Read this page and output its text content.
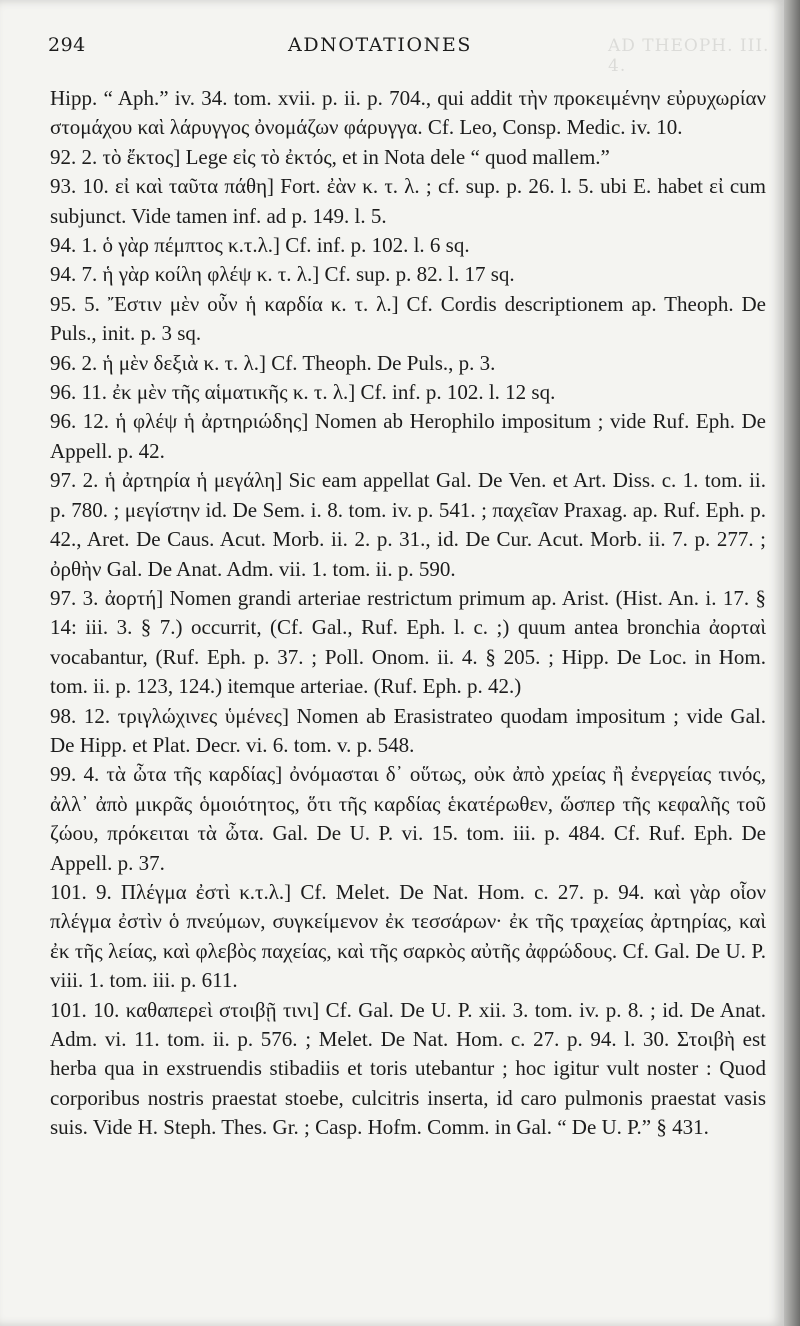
294	ADNOTATIONES	AD THEOPH. III. 4.

Hipp. “ Aph.” iv. 34. tom. xvii. p. ii. p. 704., qui addit τὴν προκειμένην εὐρυχωρίαν στομάχου καὶ λάρυγγος ὀνομάζων φάρυγγα. Cf. Leo, Consp. Medic. iv. 10.

92. 2. τὸ ἔκτος] Lege εἰς τὸ ἐκτός, et in Nota dele “ quod mallem.”

93. 10. εἰ καὶ ταῦτα πάθη] Fort. ἐὰν κ. τ. λ. ; cf. sup. p. 26. l. 5. ubi E. habet εἰ cum subjunct. Vide tamen inf. ad p. 149. l. 5.

94. 1. ὁ γὰρ πέμπτος κ.τ.λ.] Cf. inf. p. 102. l. 6 sq.

94. 7. ἡ γὰρ κοίλη φλέψ κ. τ. λ.] Cf. sup. p. 82. l. 17 sq.

95. 5. Ἔστιν μὲν οὖν ἡ καρδία κ. τ. λ.] Cf. Cordis descriptionem ap. Theoph. De Puls., init. p. 3 sq.

96. 2. ἡ μὲν δεξιὰ κ. τ. λ.] Cf. Theoph. De Puls., p. 3.

96. 11. ἐκ μὲν τῆς αἱματικῆς κ. τ. λ.] Cf. inf. p. 102. l. 12 sq.

96. 12. ἡ φλέψ ἡ ἀρτηριώδης] Nomen ab Herophilo impositum ; vide Ruf. Eph. De Appell. p. 42.

97. 2. ἡ ἀρτηρία ἡ μεγάλη] Sic eam appellat Gal. De Ven. et Art. Diss. c. 1. tom. ii. p. 780. ; μεγίστην id. De Sem. i. 8. tom. iv. p. 541. ; παχεῖαν Praxag. ap. Ruf. Eph. p. 42., Aret. De Caus. Acut. Morb. ii. 2. p. 31., id. De Cur. Acut. Morb. ii. 7. p. 277. ; ὀρθὴν Gal. De Anat. Adm. vii. 1. tom. ii. p. 590.

97. 3. ἀορτή] Nomen grandi arteriae restrictum primum ap. Arist. (Hist. An. i. 17. § 14: iii. 3. § 7.) occurrit, (Cf. Gal., Ruf. Eph. l. c. ;) quum antea bronchia ἀορταὶ vocabantur, (Ruf. Eph. p. 37. ; Poll. Onom. ii. 4. § 205. ; Hipp. De Loc. in Hom. tom. ii. p. 123, 124.) itemque arteriae. (Ruf. Eph. p. 42.)

98. 12. τριγλώχινες ὑμένες] Nomen ab Erasistrateo quodam impositum ; vide Gal. De Hipp. et Plat. Decr. vi. 6. tom. v. p. 548.

99. 4. τὰ ὦτα τῆς καρδίας] ὀνόμασται δ᾽ οὕτως, οὐκ ἀπὸ χρείας ἢ ἐνεργείας τινός, ἀλλ᾽ ἀπὸ μικρᾶς ὁμοιότητος, ὅτι τῆς καρδίας ἑκατέρωθεν, ὥσπερ τῆς κεφαλῆς τοῦ ζώου, πρόκειται τὰ ὦτα. Gal. De U. P. vi. 15. tom. iii. p. 484. Cf. Ruf. Eph. De Appell. p. 37.

101. 9. Πλέγμα ἐστὶ κ.τ.λ.] Cf. Melet. De Nat. Hom. c. 27. p. 94. καὶ γὰρ οἷον πλέγμα ἐστὶν ὁ πνεύμων, συγκείμενον ἐκ τεσσάρων· ἐκ τῆς τραχείας ἀρτηρίας, καὶ ἐκ τῆς λείας, καὶ φλεβὸς παχείας, καὶ τῆς σαρκὸς αὐτῆς ἀφρώδους. Cf. Gal. De U. P. viii. 1. tom. iii. p. 611.

101. 10. καθαπερεὶ στοιβῇ τινι] Cf. Gal. De U. P. xii. 3. tom. iv. p. 8. ; id. De Anat. Adm. vi. 11. tom. ii. p. 576. ; Melet. De Nat. Hom. c. 27. p. 94. l. 30. Στοιβὴ est herba qua in exstruendis stibadiis et toris utebantur ; hoc igitur vult noster : Quod corporibus nostris praestat stoebe, culcitris inserta, id caro pulmonis praestat vasis suis. Vide H. Steph. Thes. Gr. ; Casp. Hofm. Comm. in Gal. “ De U. P.” § 431.
